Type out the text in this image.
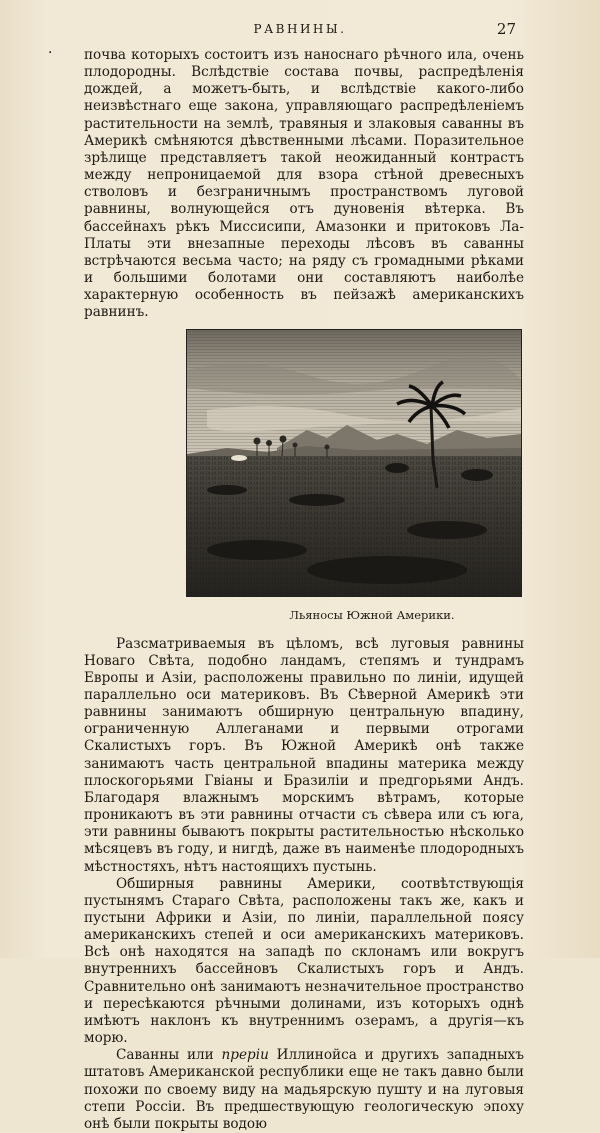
.
РАВНИНЫ.	27

почва которыхъ состоитъ изъ наноснаго рѣчного ила, очень плодородны. Вслѣдствіе состава почвы, распредѣленія дождей, а можетъ-быть, и вслѣдствіе какого-либо неизвѣстнаго еще закона, управляющаго распредѣленіемъ растительности на землѣ, травяныя и злаковыя саванны въ Америкѣ смѣняются дѣвственными лѣсами. Поразительное зрѣлище представляетъ такой неожиданный контрастъ между непроницаемой для взора стѣной древесныхъ стволовъ и безграничнымъ пространствомъ луговой равнины, волнующейся отъ дуновенія вѣтерка. Въ бассейнахъ рѣкъ Миссисипи, Амазонки и притоковъ Ла-Платы эти внезапные переходы лѣсовъ въ саванны встрѣчаются весьма часто; на ряду съ громадными рѣками и большими болотами они составляютъ наиболѣе характерную особенность въ пейзажѣ американскихъ равнинъ.

Льяносы Южной Америки.
Разсматриваемыя въ цѣломъ, всѣ луговыя равнины Новаго Свѣта, подобно ландамъ, степямъ и тундрамъ Европы и Азіи, расположены правильно по линіи, идущей параллельно оси материковъ. Въ Сѣверной Америкѣ эти равнины занимаютъ обширную центральную впадину, ограниченную Аллеганами и первыми отрогами Скалистыхъ горъ. Въ Южной Америкѣ онѣ также занимаютъ часть центральной впадины материка между плоскогорьями Гвіаны и Бразиліи и предгорьями Андъ. Благодаря влажнымъ морскимъ вѣтрамъ, которые проникаютъ въ эти равнины отчасти съ сѣвера или съ юга, эти равнины бываютъ покрыты растительностью нѣсколько мѣсяцевъ въ году, и нигдѣ, даже въ наименѣе плодородныхъ мѣстностяхъ, нѣтъ настоящихъ пустынь.

Обширныя равнины Америки, соотвѣтствующія пустынямъ Стараго Свѣта, расположены такъ же, какъ и пустыни Африки и Азіи, по линіи, параллельной поясу американскихъ степей и оси американскихъ материковъ. Всѣ онѣ находятся на западѣ по склонамъ или вокругъ внутреннихъ бассейновъ Скалистыхъ горъ и Андъ. Сравнительно онѣ занимаютъ незначительное пространство и пересѣкаются рѣчными долинами, изъ которыхъ однѣ имѣютъ наклонъ къ внутреннимъ озерамъ, а другія—къ морю.

Саванны или преріи Иллинойса и другихъ западныхъ штатовъ Американской республики еще не такъ давно были похожи по своему виду на мадьярскую пушту и на луговыя степи Россіи. Въ предшествующую геологическую эпоху онѣ были покрыты водою
